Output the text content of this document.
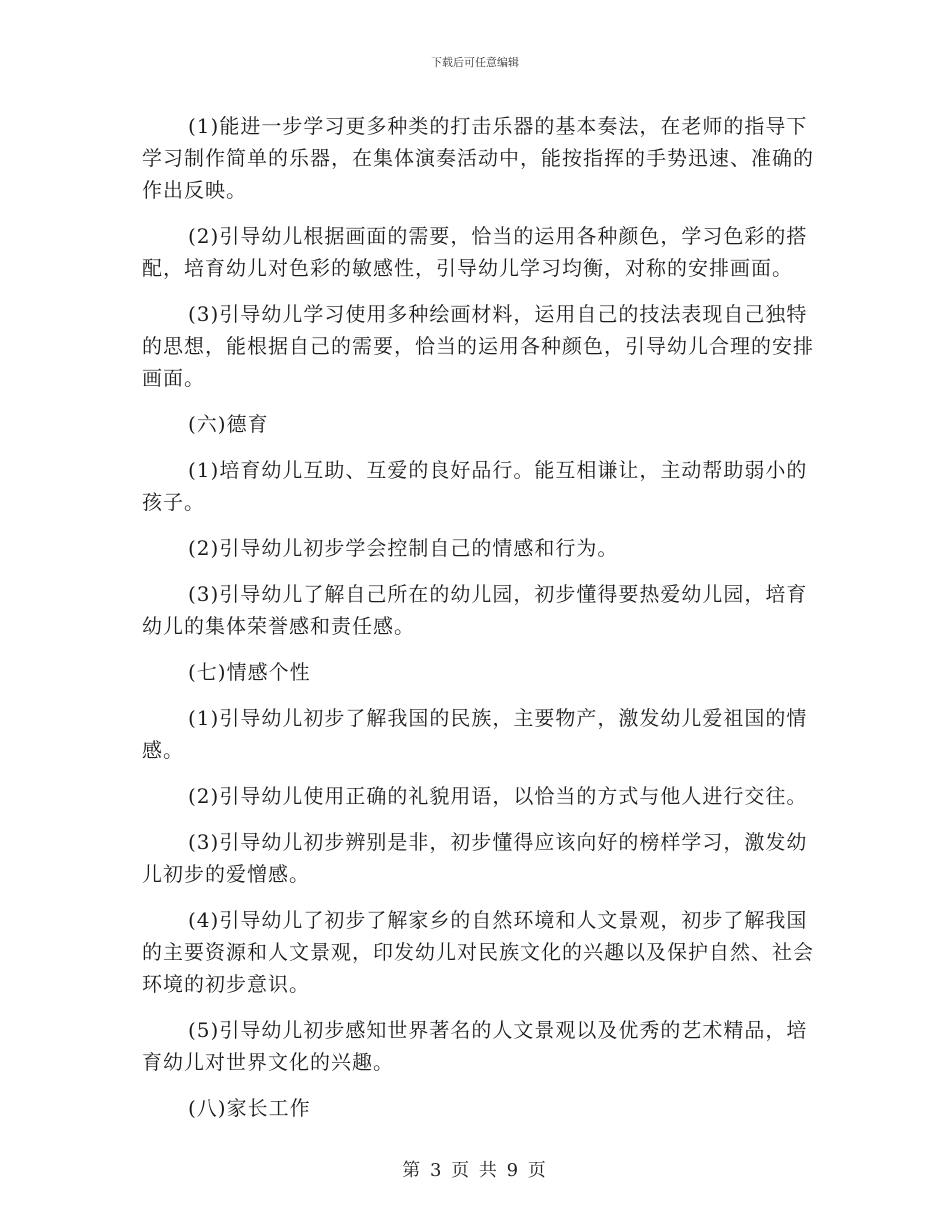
下载后可任意编辑

(1)能进一步学习更多种类的打击乐器的基本奏法，在老师的指导下学习制作简单的乐器，在集体演奏活动中，能按指挥的手势迅速、准确的作出反映。

(2)引导幼儿根据画面的需要，恰当的运用各种颜色，学习色彩的搭配，培育幼儿对色彩的敏感性，引导幼儿学习均衡，对称的安排画面。

(3)引导幼儿学习使用多种绘画材料，运用自己的技法表现自己独特的思想，能根据自己的需要，恰当的运用各种颜色，引导幼儿合理的安排画面。

(六)德育

(1)培育幼儿互助、互爱的良好品行。能互相谦让，主动帮助弱小的孩子。

(2)引导幼儿初步学会控制自己的情感和行为。

(3)引导幼儿了解自己所在的幼儿园，初步懂得要热爱幼儿园，培育幼儿的集体荣誉感和责任感。

(七)情感个性

(1)引导幼儿初步了解我国的民族，主要物产，激发幼儿爱祖国的情感。

(2)引导幼儿使用正确的礼貌用语，以恰当的方式与他人进行交往。

(3)引导幼儿初步辨别是非，初步懂得应该向好的榜样学习，激发幼儿初步的爱憎感。

(4)引导幼儿了初步了解家乡的自然环境和人文景观，初步了解我国的主要资源和人文景观，印发幼儿对民族文化的兴趣以及保护自然、社会环境的初步意识。

(5)引导幼儿初步感知世界著名的人文景观以及优秀的艺术精品，培育幼儿对世界文化的兴趣。

(八)家长工作

第 3 页 共 9 页
